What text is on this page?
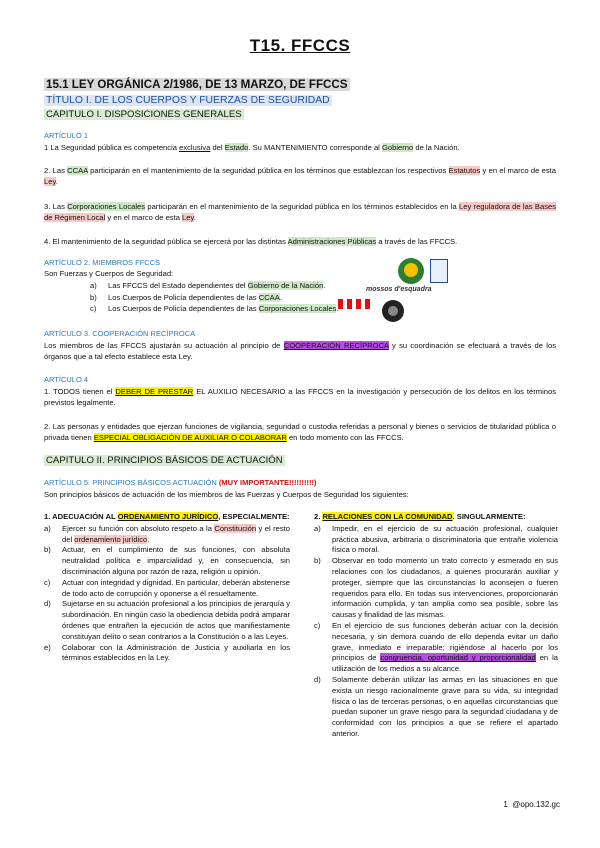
T15. FFCCS
15.1 LEY ORGÁNICA 2/1986, DE 13 MARZO, DE FFCCS
TÍTULO I. DE LOS CUERPOS Y FUERZAS DE SEGURIDAD
CAPITULO I. DISPOSICIONES GENERALES
ARTÍCULO 1
1 La Seguridad pública es competencia exclusiva del Estado. Su MANTENIMIENTO corresponde al Gobierno de la Nación.
2. Las CCAA participarán en el mantenimiento de la seguridad pública en los términos que establezcan los respectivos Estatutos y en el marco de esta Ley.
3. Las Corporaciones Locales participarán en el mantenimiento de la seguridad pública en los términos establecidos en la Ley reguladora de las Bases de Régimen Local y en el marco de esta Ley.
4. El mantenimiento de la seguridad pública se ejercerá por las distintas Administraciones Públicas a través de las FFCCS.
ARTÍCULO 2. MIEMBROS FFCCS
Son Fuerzas y Cuerpos de Seguridad:
a) Las FFCCS del Estado dependientes del Gobierno de la Nación.
b) Los Cuerpos de Policía dependientes de las CCAA.
c) Los Cuerpos de Policía dependientes de las Corporaciones Locales
mossos d'esquadra
ARTÍCULO 3. COOPERACIÓN RECÍPROCA
Los miembros de las FFCCS ajustarán su actuación al principio de COOPERACIÓN RECÍPROCA y su coordinación se efectuará a través de los órganos que a tal efecto establece esta Ley.
ARTÍCULO 4
1. TODOS tienen el DEBER DE PRESTAR EL AUXILIO NECESARIO a las FFCCS en la investigación y persecución de los delitos en los términos previstos legalmente.
2. Las personas y entidades que ejerzan funciones de vigilancia, seguridad o custodia referidas a personal y bienes o servicios de titularidad pública o privada tienen ESPECIAL OBLIGACIÓN DE AUXILIAR O COLABORAR en todo momento con las FFCCS.
CAPITULO II. PRINCIPIOS BÁSICOS DE ACTUACIÓN
ARTÍCULO 5. PRINCIPIOS BÁSICOS ACTUACIÓN (MUY IMPORTANTE!!!!!!!!!!)
Son principios básicos de actuación de los miembros de las Fuerzas y Cuerpos de Seguridad los siguientes:
1. ADECUACIÓN AL ORDENAMIENTO JURÍDICO, ESPECIALMENTE:
a) Ejercer su función con absoluto respeto a la Constitución y el resto del ordenamiento jurídico.
b) Actuar, en el cumplimiento de sus funciones, con absoluta neutralidad política e imparcialidad y, en consecuencia, sin discriminación alguna por razón de raza, religión u opinión.
c) Actuar con integridad y dignidad. En particular, deberán abstenerse de todo acto de corrupción y oponerse a él resueltamente.
d) Sujetarse en su actuación profesional a los principios de jerarquía y subordinación. En ningún caso la obediencia debida podrá amparar órdenes que entrañen la ejecución de actos que manifiestamente constituyan delito o sean contrarios a la Constitución o a las Leyes.
e) Colaborar con la Administración de Justicia y auxiliarla en los términos establecidos en la Ley.
2. RELACIONES CON LA COMUNIDAD. SINGULARMENTE:
a) Impedir, en el ejercicio de su actuación profesional, cualquier práctica abusiva, arbitraria o discriminatoria que entrañe violencia física o moral.
b) Observar en todo momento un trato correcto y esmerado en sus relaciones con los ciudadanos, a quienes procurarán auxiliar y proteger, siempre que las circunstancias lo aconsejen o fueren requeridos para ello. En todas sus intervenciones, proporcionarán información cumplida, y tan amplia como sea posible, sobre las causas y finalidad de las mismas.
c) En el ejercicio de sus funciones deberán actuar con la decisión necesaria, y sin demora cuando de ello dependa evitar un daño grave, inmediato e irreparable; rigiéndose al hacerlo por los principios de congruencia, oportunidad y proporcionalidad en la utilización de los medios a su alcance.
d) Solamente deberán utilizar las armas en las situaciones en que exista un riesgo racionalmente grave para su vida, su integridad física o las de terceras personas, o en aquellas circunstancias que puedan suponer un grave riesgo para la seguridad ciudadana y de conformidad con los principios a que se refiere el apartado anterior.
1 @opo.132.gc
